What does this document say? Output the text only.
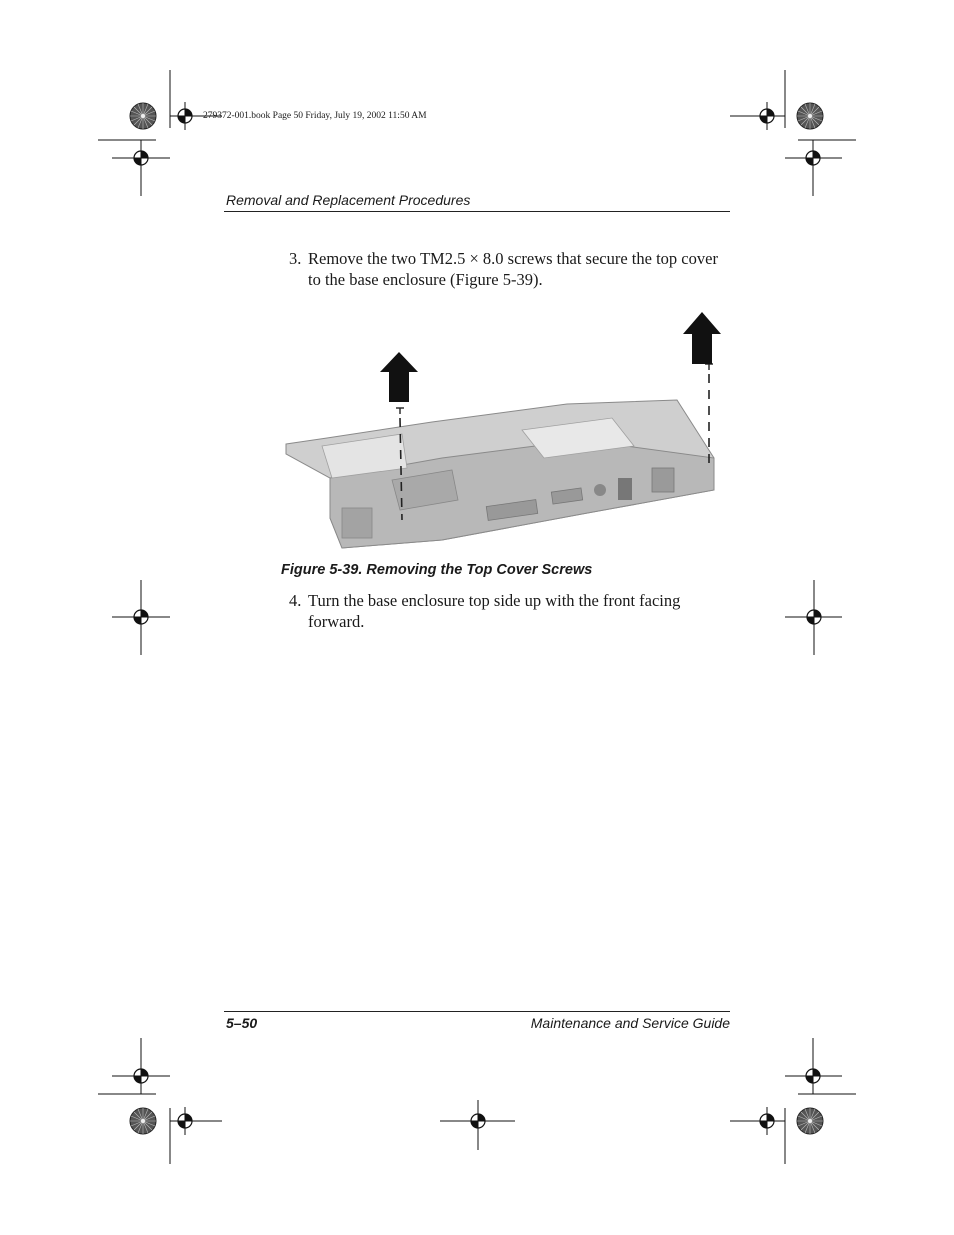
279372-001.book Page 50 Friday, July 19, 2002 11:50 AM
Removal and Replacement Procedures
3. Remove the two TM2.5 × 8.0 screws that secure the top cover to the base enclosure (Figure 5-39).
Figure 5-39. Removing the Top Cover Screws
4. Turn the base enclosure top side up with the front facing forward.
5–50	Maintenance and Service Guide
